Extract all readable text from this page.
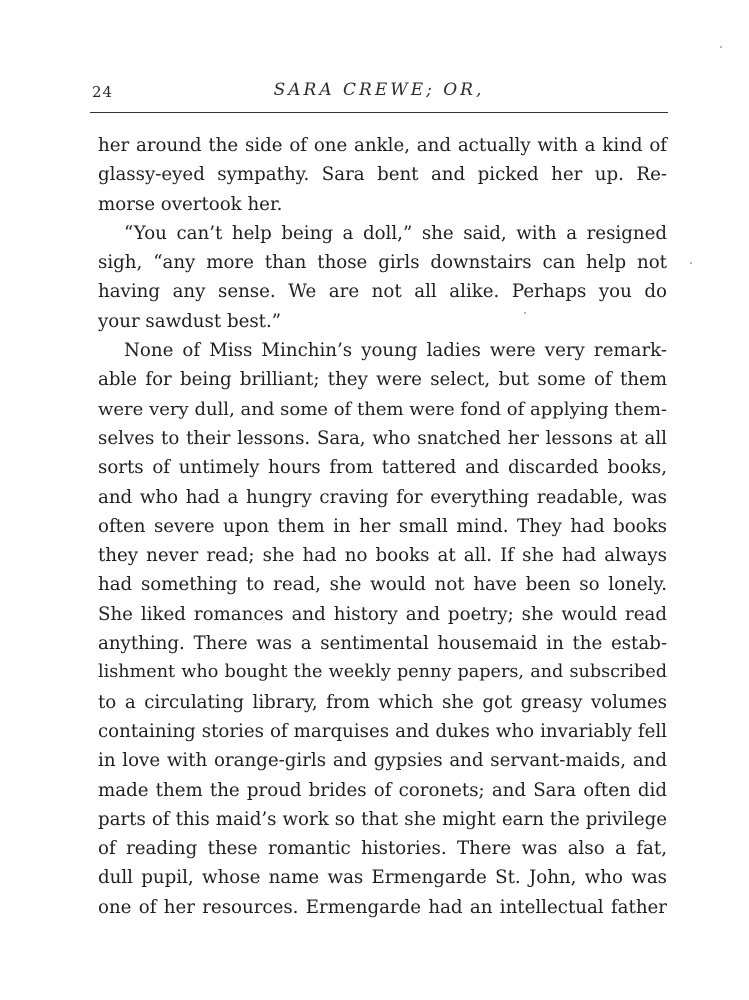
24	SARA CREWE; OR,
her around the side of one ankle, and actually with a kind of
glassy-eyed sympathy. Sara bent and picked her up. Re-
morse overtook her.
“You can’t help being a doll,” she said, with a resigned
sigh, “any more than those girls downstairs can help not
having any sense. We are not all alike. Perhaps you do
your sawdust best.”
None of Miss Minchin’s young ladies were very remark-
able for being brilliant; they were select, but some of them
were very dull, and some of them were fond of applying them-
selves to their lessons. Sara, who snatched her lessons at all
sorts of untimely hours from tattered and discarded books,
and who had a hungry craving for everything readable, was
often severe upon them in her small mind. They had books
they never read; she had no books at all. If she had always
had something to read, she would not have been so lonely.
She liked romances and history and poetry; she would read
anything. There was a sentimental housemaid in the estab-
lishment who bought the weekly penny papers, and subscribed
to a circulating library, from which she got greasy volumes
containing stories of marquises and dukes who invariably fell
in love with orange-girls and gypsies and servant-maids, and
made them the proud brides of coronets; and Sara often did
parts of this maid’s work so that she might earn the privilege
of reading these romantic histories. There was also a fat,
dull pupil, whose name was Ermengarde St. John, who was
one of her resources. Ermengarde had an intellectual father
